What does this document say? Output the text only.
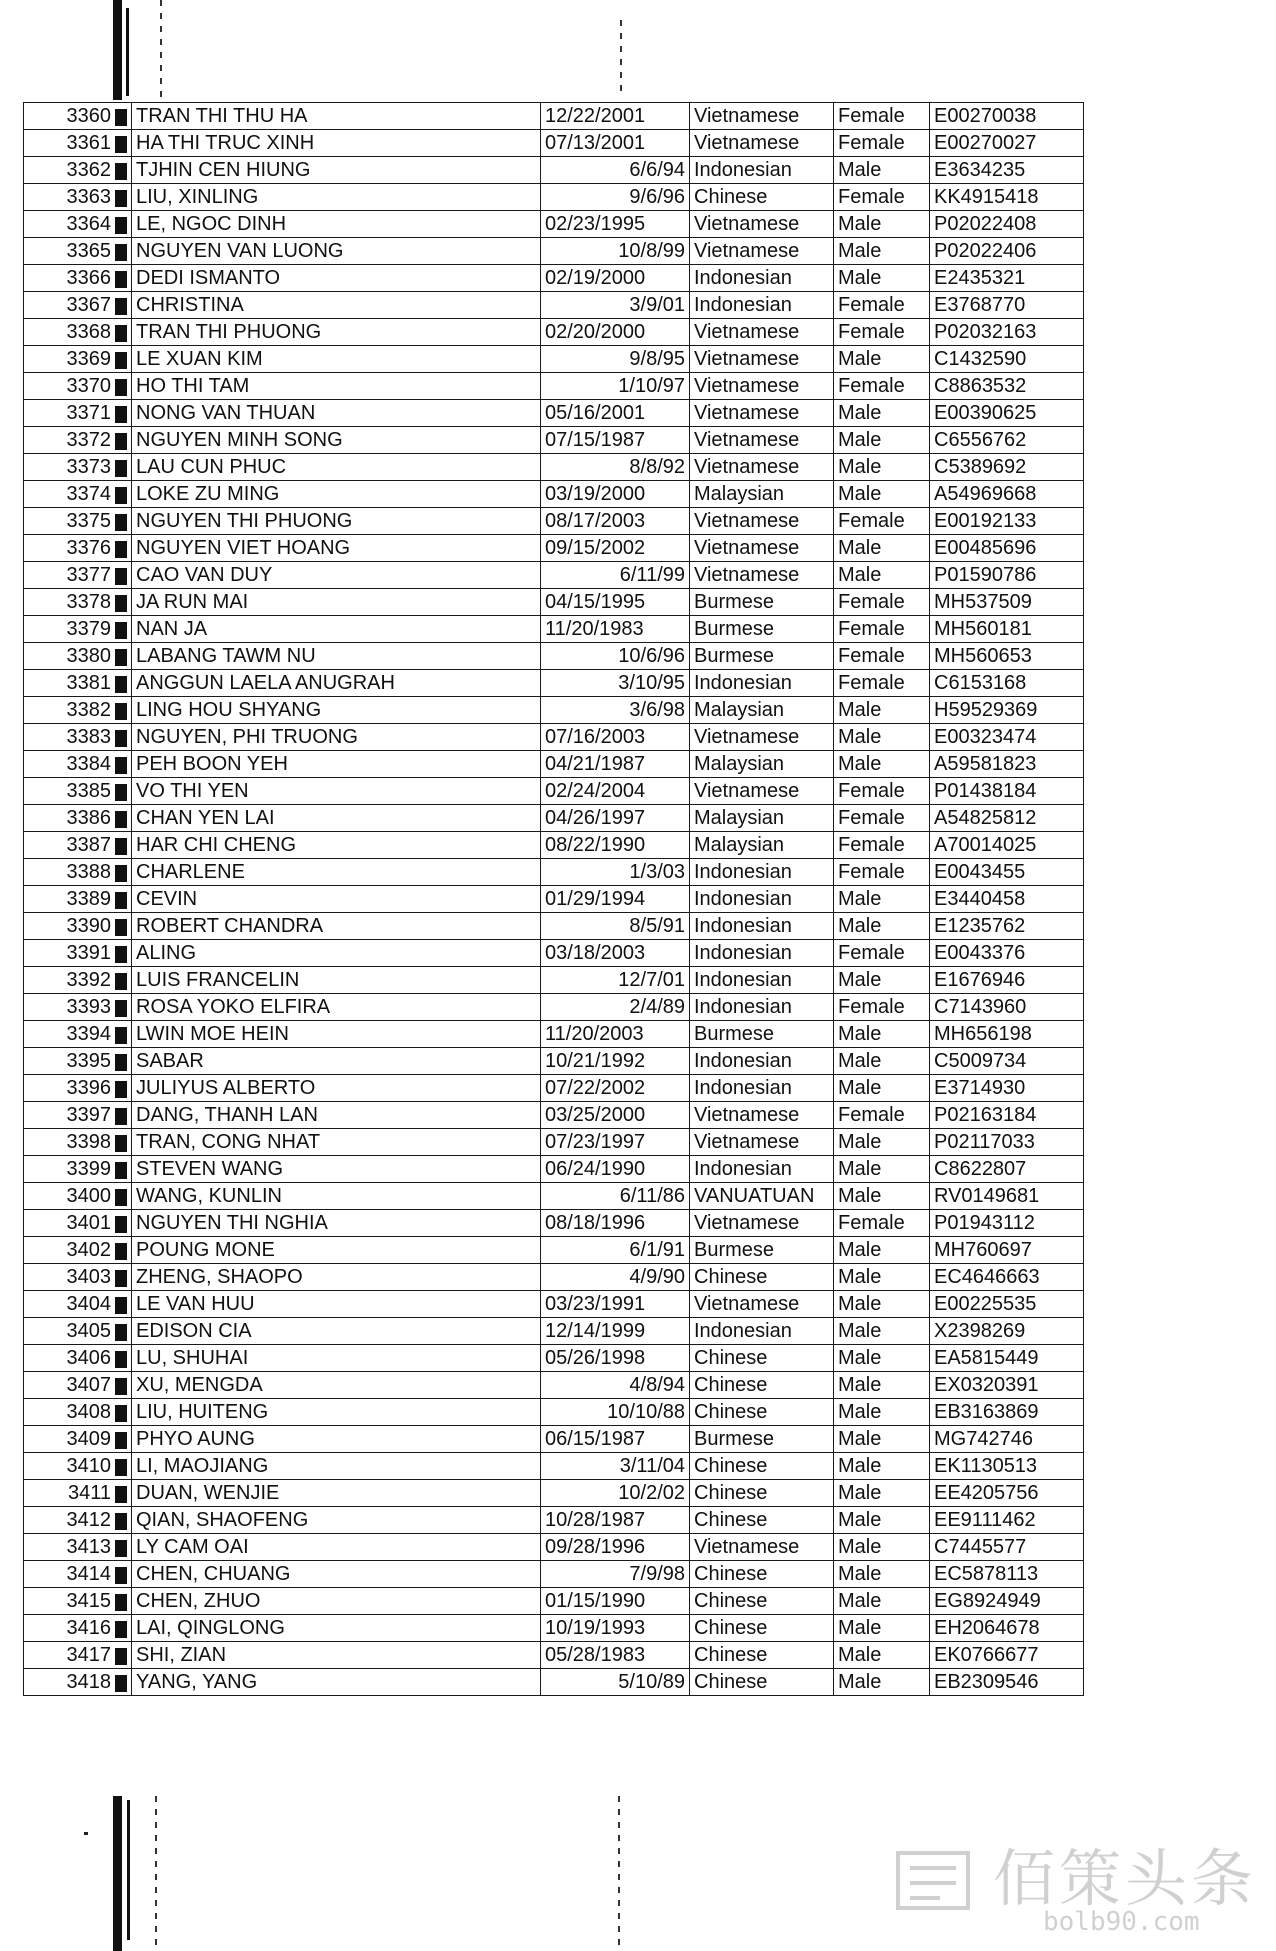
3360	TRAN THI THU HA	12/22/2001	Vietnamese	Female	E00270038
3361	HA THI TRUC XINH	07/13/2001	Vietnamese	Female	E00270027
3362	TJHIN CEN HIUNG	6/6/94	Indonesian	Male	E3634235
3363	LIU, XINLING	9/6/96	Chinese	Female	KK4915418
3364	LE, NGOC DINH	02/23/1995	Vietnamese	Male	P02022408
3365	NGUYEN VAN LUONG	10/8/99	Vietnamese	Male	P02022406
3366	DEDI ISMANTO	02/19/2000	Indonesian	Male	E2435321
3367	CHRISTINA	3/9/01	Indonesian	Female	E3768770
3368	TRAN THI PHUONG	02/20/2000	Vietnamese	Female	P02032163
3369	LE XUAN KIM	9/8/95	Vietnamese	Male	C1432590
3370	HO THI TAM	1/10/97	Vietnamese	Female	C8863532
3371	NONG VAN THUAN	05/16/2001	Vietnamese	Male	E00390625
3372	NGUYEN MINH SONG	07/15/1987	Vietnamese	Male	C6556762
3373	LAU CUN PHUC	8/8/92	Vietnamese	Male	C5389692
3374	LOKE ZU MING	03/19/2000	Malaysian	Male	A54969668
3375	NGUYEN THI PHUONG	08/17/2003	Vietnamese	Female	E00192133
3376	NGUYEN VIET HOANG	09/15/2002	Vietnamese	Male	E00485696
3377	CAO VAN DUY	6/11/99	Vietnamese	Male	P01590786
3378	JA RUN MAI	04/15/1995	Burmese	Female	MH537509
3379	NAN JA	11/20/1983	Burmese	Female	MH560181
3380	LABANG TAWM NU	10/6/96	Burmese	Female	MH560653
3381	ANGGUN LAELA ANUGRAH	3/10/95	Indonesian	Female	C6153168
3382	LING HOU SHYANG	3/6/98	Malaysian	Male	H59529369
3383	NGUYEN, PHI TRUONG	07/16/2003	Vietnamese	Male	E00323474
3384	PEH BOON YEH	04/21/1987	Malaysian	Male	A59581823
3385	VO THI YEN	02/24/2004	Vietnamese	Female	P01438184
3386	CHAN YEN LAI	04/26/1997	Malaysian	Female	A54825812
3387	HAR CHI CHENG	08/22/1990	Malaysian	Female	A70014025
3388	CHARLENE	1/3/03	Indonesian	Female	E0043455
3389	CEVIN	01/29/1994	Indonesian	Male	E3440458
3390	ROBERT CHANDRA	8/5/91	Indonesian	Male	E1235762
3391	ALING	03/18/2003	Indonesian	Female	E0043376
3392	LUIS FRANCELIN	12/7/01	Indonesian	Male	E1676946
3393	ROSA YOKO ELFIRA	2/4/89	Indonesian	Female	C7143960
3394	LWIN MOE HEIN	11/20/2003	Burmese	Male	MH656198
3395	SABAR	10/21/1992	Indonesian	Male	C5009734
3396	JULIYUS ALBERTO	07/22/2002	Indonesian	Male	E3714930
3397	DANG, THANH LAN	03/25/2000	Vietnamese	Female	P02163184
3398	TRAN, CONG NHAT	07/23/1997	Vietnamese	Male	P02117033
3399	STEVEN WANG	06/24/1990	Indonesian	Male	C8622807
3400	WANG, KUNLIN	6/11/86	VANUATUAN	Male	RV0149681
3401	NGUYEN THI NGHIA	08/18/1996	Vietnamese	Female	P01943112
3402	POUNG MONE	6/1/91	Burmese	Male	MH760697
3403	ZHENG, SHAOPO	4/9/90	Chinese	Male	EC4646663
3404	LE VAN HUU	03/23/1991	Vietnamese	Male	E00225535
3405	EDISON CIA	12/14/1999	Indonesian	Male	X2398269
3406	LU, SHUHAI	05/26/1998	Chinese	Male	EA5815449
3407	XU, MENGDA	4/8/94	Chinese	Male	EX0320391
3408	LIU, HUITENG	10/10/88	Chinese	Male	EB3163869
3409	PHYO AUNG	06/15/1987	Burmese	Male	MG742746
3410	LI, MAOJIANG	3/11/04	Chinese	Male	EK1130513
3411	DUAN, WENJIE	10/2/02	Chinese	Male	EE4205756
3412	QIAN, SHAOFENG	10/28/1987	Chinese	Male	EE9111462
3413	LY CAM OAI	09/28/1996	Vietnamese	Male	C7445577
3414	CHEN, CHUANG	7/9/98	Chinese	Male	EC5878113
3415	CHEN, ZHUO	01/15/1990	Chinese	Male	EG8924949
3416	LAI, QINGLONG	10/19/1993	Chinese	Male	EH2064678
3417	SHI, ZIAN	05/28/1983	Chinese	Male	EK0766677
3418	YANG, YANG	5/10/89	Chinese	Male	EB2309546
佰策头条
bolb90.com
